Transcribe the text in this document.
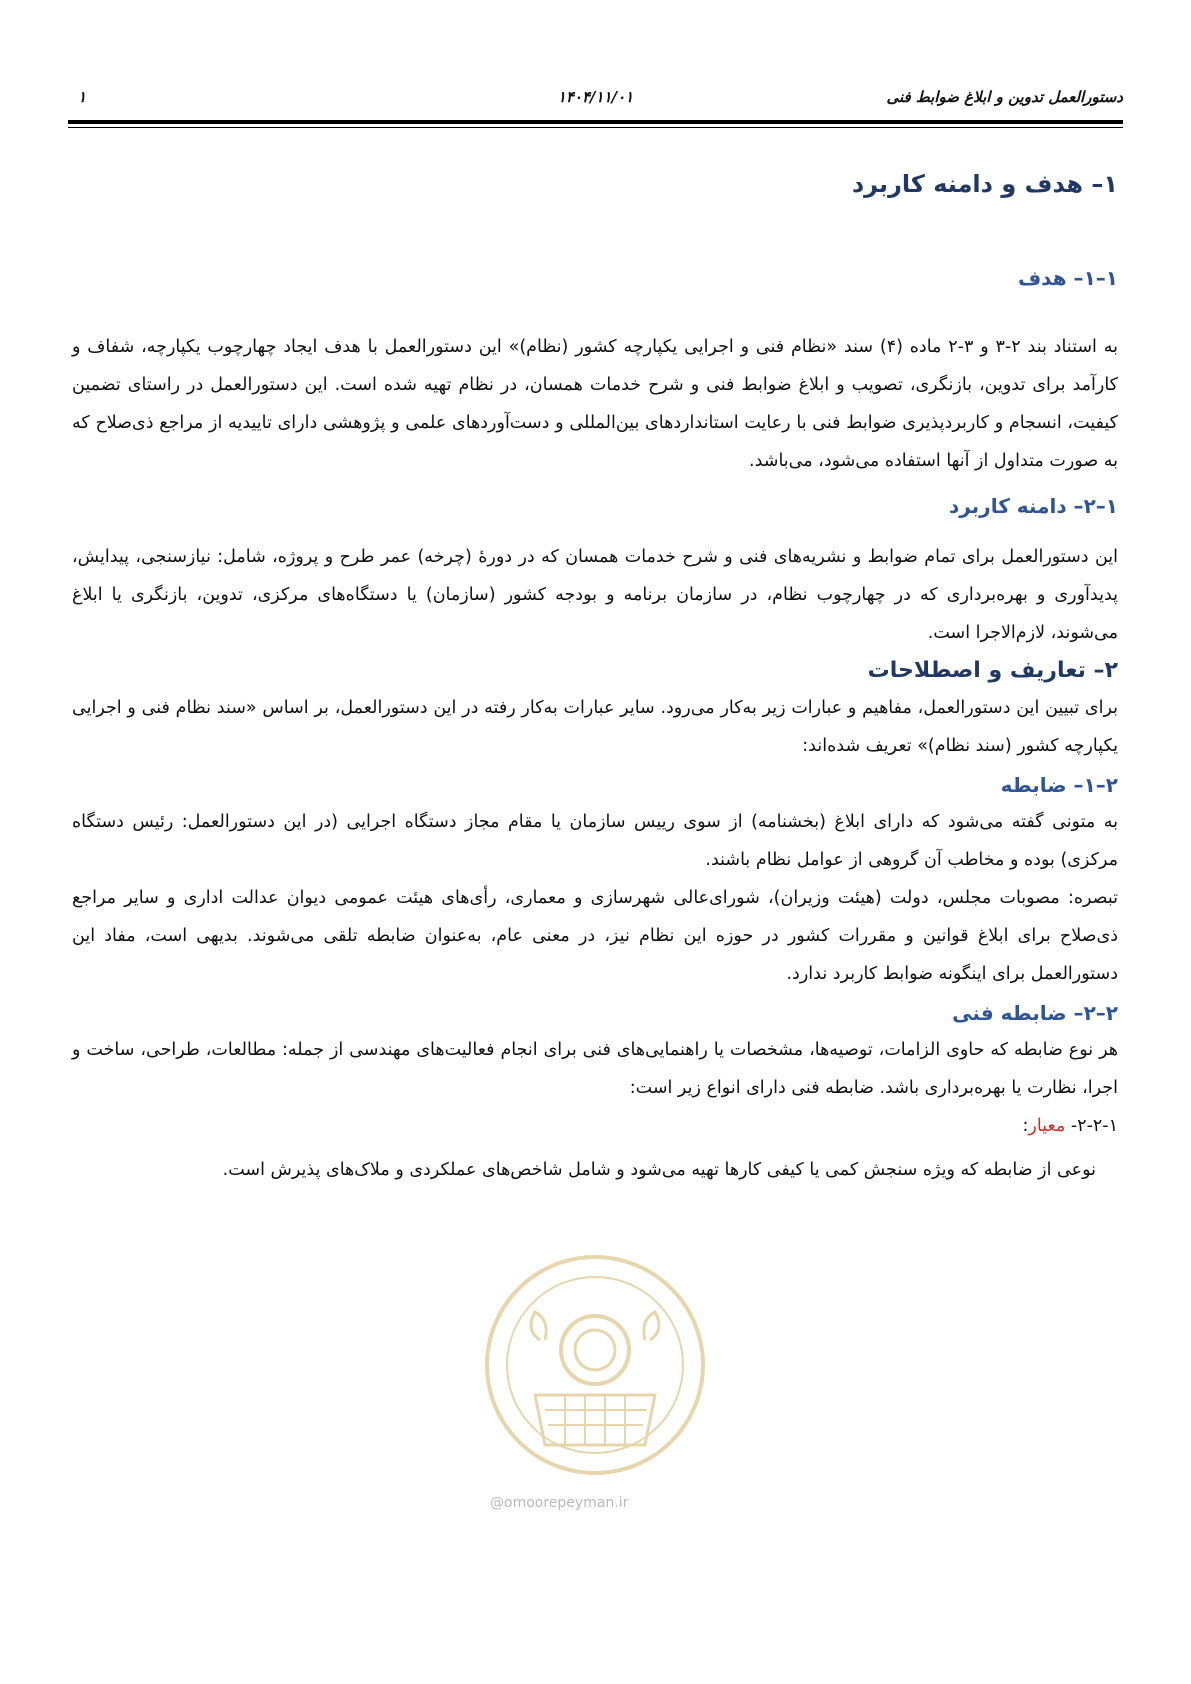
دستورالعمل تدوین و ابلاغ ضوابط فنی
۱۴۰۴/۱۱/۰۱
۱
۱– هدف و دامنه کاربرد
۱–۱– هدف

به استناد بند ۲-۳ و ۳-۲ ماده (۴) سند «نظام فنی و اجرایی یکپارچه کشور (نظام)» این دستورالعمل با هدف ایجاد چهارچوب یکپارچه، شفاف و کارآمد برای تدوین، بازنگری، تصویب و ابلاغ ضوابط فنی و شرح خدمات همسان، در نظام تهیه شده است. این دستورالعمل در راستای تضمین کیفیت، انسجام و کاربردپذیری ضوابط فنی با رعایت استانداردهای بین‌المللی و دست‌آوردهای علمی و پژوهشی دارای تاییدیه از مراجع ذی‌صلاح که به صورت متداول از آنها استفاده می‌شود، می‌باشد.

۱–۲– دامنه کاربرد

این دستورالعمل برای تمام ضوابط و نشریه‌های فنی و شرح خدمات همسان که در دورۀ (چرخه) عمر طرح و پروژه، شامل: نیازسنجی، پیدایش، پدیدآوری و بهره‌برداری که در چهارچوب نظام، در سازمان برنامه و بودجه کشور (سازمان) یا دستگاه‌های مرکزی، تدوین، بازنگری یا ابلاغ می‌شوند، لازم‌الاجرا است.

۲– تعاریف و اصطلاحات

برای تبیین این دستورالعمل، مفاهیم و عبارات زیر به‌کار می‌رود. سایر عبارات به‌کار رفته در این دستورالعمل، بر اساس «سند نظام فنی و اجرایی یکپارچه کشور (سند نظام)» تعریف شده‌اند:

۲–۱– ضابطه

به متونی گفته می‌شود که دارای ابلاغ (بخشنامه) از سوی رییس سازمان یا مقام مجاز دستگاه اجرایی (در این دستورالعمل: رئیس دستگاه مرکزی) بوده و مخاطب آن گروهی از عوامل نظام باشند.

تبصره: مصوبات مجلس، دولت (هیئت وزیران)، شورای‌عالی شهرسازی و معماری، رأی‌های هیئت عمومی دیوان عدالت اداری و سایر مراجع ذی‌صلاح برای ابلاغ قوانین و مقررات کشور در حوزه این نظام نیز، در معنی عام، به‌عنوان ضابطه تلقی می‌شوند. بدیهی است، مفاد این دستورالعمل برای اینگونه ضوابط کاربرد ندارد.

۲–۲– ضابطه فنی

هر نوع ضابطه که حاوی الزامات، توصیه‌ها، مشخصات یا راهنمایی‌های فنی برای انجام فعالیت‌های مهندسی از جمله: مطالعات، طراحی، ساخت و اجرا، نظارت یا بهره‌برداری باشد. ضابطه فنی دارای انواع زیر است:

۲-۲-۱- معیار:

نوعی از ضابطه که ویژه سنجش کمی یا کیفی کارها تهیه می‌شود و شامل شاخص‌های عملکردی و ملاک‌های پذیرش است.

@omoorepeyman.ir
